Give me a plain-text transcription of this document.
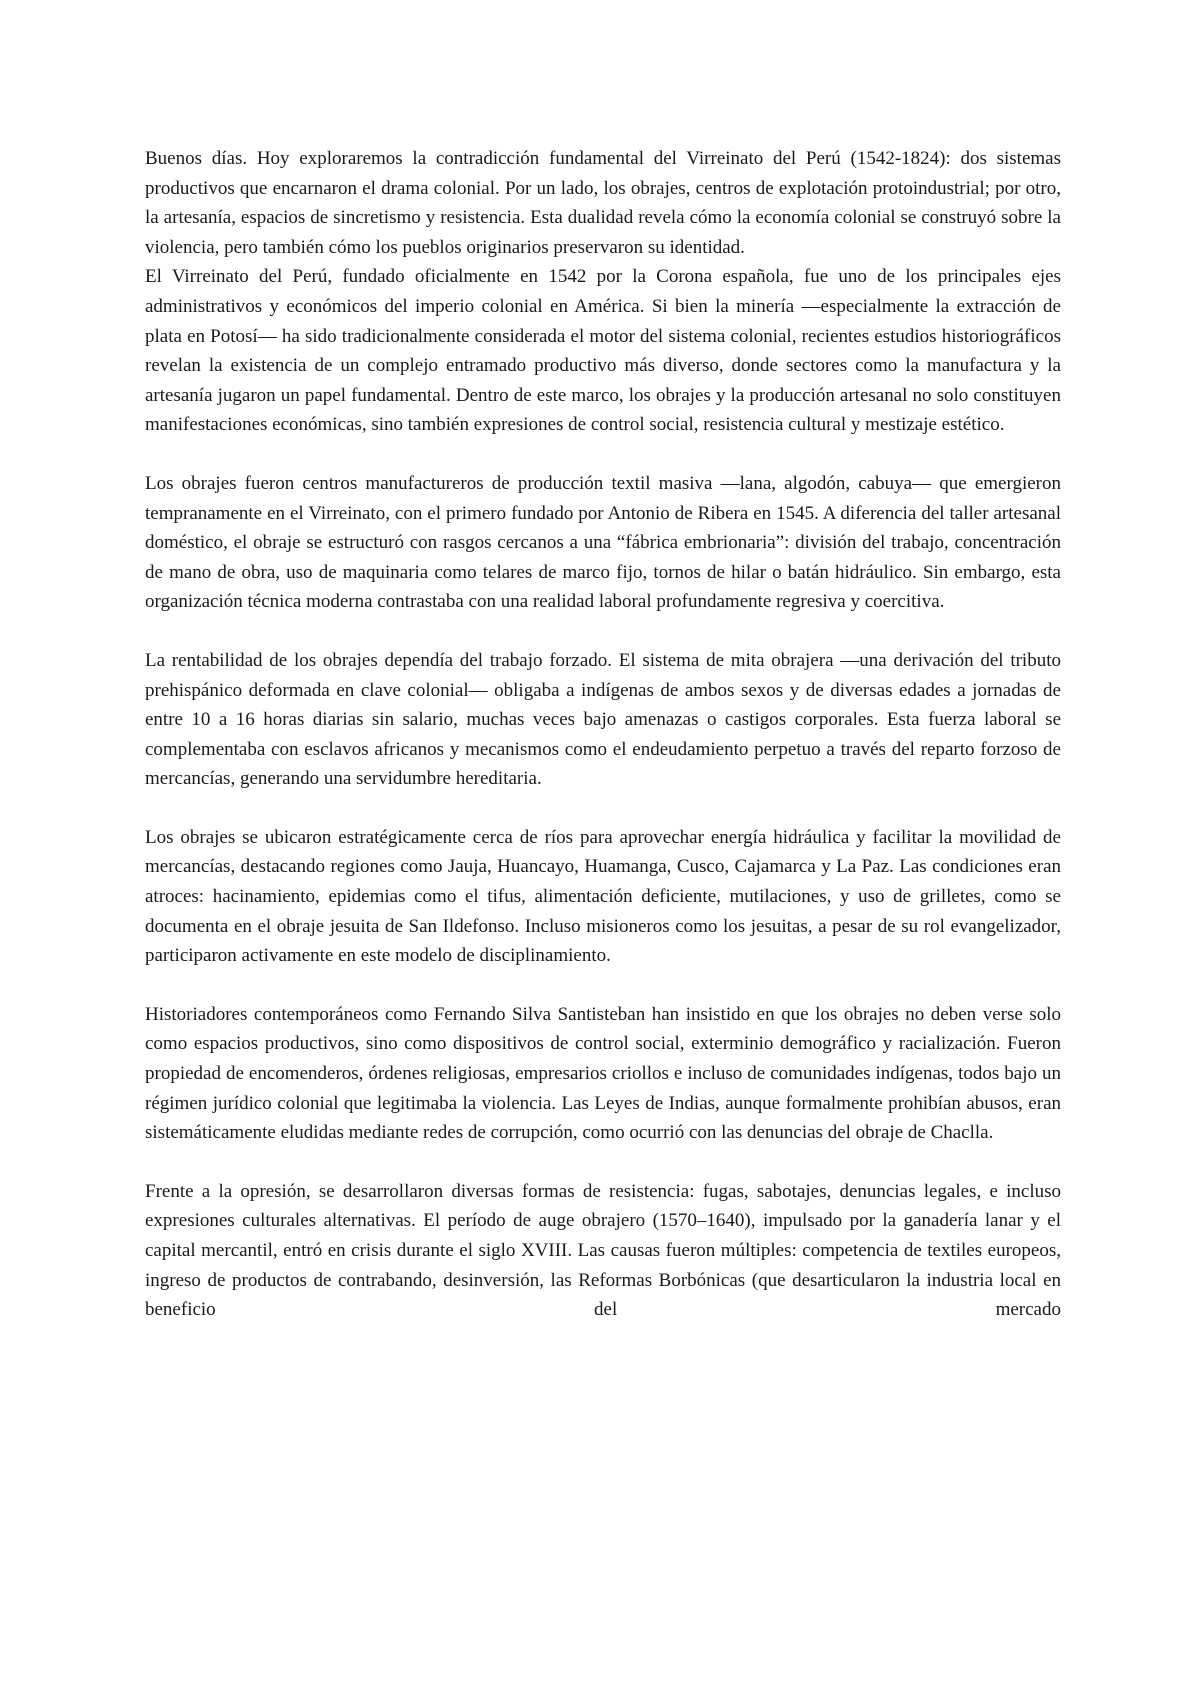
Buenos días. Hoy exploraremos la contradicción fundamental del Virreinato del Perú (1542-1824): dos sistemas productivos que encarnaron el drama colonial. Por un lado, los obrajes, centros de explotación protoindustrial; por otro, la artesanía, espacios de sincretismo y resistencia. Esta dualidad revela cómo la economía colonial se construyó sobre la violencia, pero también cómo los pueblos originarios preservaron su identidad.

El Virreinato del Perú, fundado oficialmente en 1542 por la Corona española, fue uno de los principales ejes administrativos y económicos del imperio colonial en América. Si bien la minería —especialmente la extracción de plata en Potosí— ha sido tradicionalmente considerada el motor del sistema colonial, recientes estudios historiográficos revelan la existencia de un complejo entramado productivo más diverso, donde sectores como la manufactura y la artesanía jugaron un papel fundamental. Dentro de este marco, los obrajes y la producción artesanal no solo constituyen manifestaciones económicas, sino también expresiones de control social, resistencia cultural y mestizaje estético.

Los obrajes fueron centros manufactureros de producción textil masiva —lana, algodón, cabuya— que emergieron tempranamente en el Virreinato, con el primero fundado por Antonio de Ribera en 1545. A diferencia del taller artesanal doméstico, el obraje se estructuró con rasgos cercanos a una “fábrica embrionaria”: división del trabajo, concentración de mano de obra, uso de maquinaria como telares de marco fijo, tornos de hilar o batán hidráulico. Sin embargo, esta organización técnica moderna contrastaba con una realidad laboral profundamente regresiva y coercitiva.

La rentabilidad de los obrajes dependía del trabajo forzado. El sistema de mita obrajera —una derivación del tributo prehispánico deformada en clave colonial— obligaba a indígenas de ambos sexos y de diversas edades a jornadas de entre 10 a 16 horas diarias sin salario, muchas veces bajo amenazas o castigos corporales. Esta fuerza laboral se complementaba con esclavos africanos y mecanismos como el endeudamiento perpetuo a través del reparto forzoso de mercancías, generando una servidumbre hereditaria.

Los obrajes se ubicaron estratégicamente cerca de ríos para aprovechar energía hidráulica y facilitar la movilidad de mercancías, destacando regiones como Jauja, Huancayo, Huamanga, Cusco, Cajamarca y La Paz. Las condiciones eran atroces: hacinamiento, epidemias como el tifus, alimentación deficiente, mutilaciones, y uso de grilletes, como se documenta en el obraje jesuita de San Ildefonso. Incluso misioneros como los jesuitas, a pesar de su rol evangelizador, participaron activamente en este modelo de disciplinamiento.

Historiadores contemporáneos como Fernando Silva Santisteban han insistido en que los obrajes no deben verse solo como espacios productivos, sino como dispositivos de control social, exterminio demográfico y racialización. Fueron propiedad de encomenderos, órdenes religiosas, empresarios criollos e incluso de comunidades indígenas, todos bajo un régimen jurídico colonial que legitimaba la violencia. Las Leyes de Indias, aunque formalmente prohibían abusos, eran sistemáticamente eludidas mediante redes de corrupción, como ocurrió con las denuncias del obraje de Chaclla.

Frente a la opresión, se desarrollaron diversas formas de resistencia: fugas, sabotajes, denuncias legales, e incluso expresiones culturales alternativas. El período de auge obrajero (1570–1640), impulsado por la ganadería lanar y el capital mercantil, entró en crisis durante el siglo XVIII. Las causas fueron múltiples: competencia de textiles europeos, ingreso de productos de contrabando, desinversión, las Reformas Borbónicas (que desarticularon la industria local en beneficio del mercado
